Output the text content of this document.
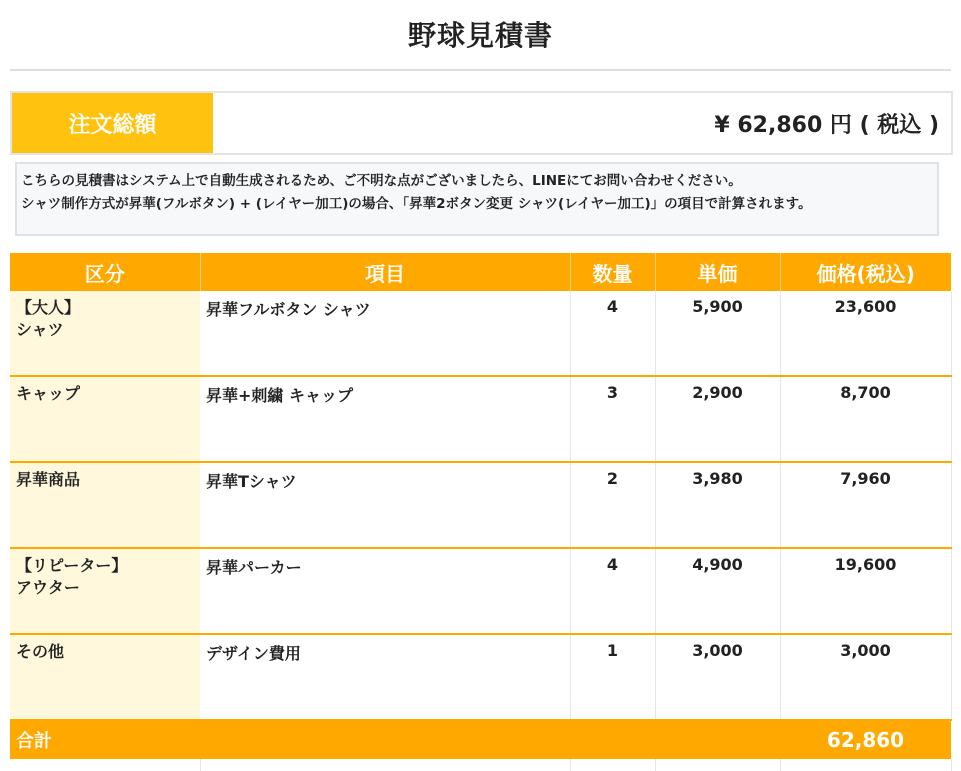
野球見積書
注文総額	¥ 62,860 円 ( 税込 )
こちらの見積書はシステム上で自動生成されるため、ご不明な点がございましたら、LINEにてお問い合わせください。
シャツ制作方式が昇華(フルボタン) + (レイヤー加工)の場合、「昇華2ボタン変更 シャツ(レイヤー加工)」の項目で計算されます。
区分	項目	数量	単価	価格(税込)
【大人】
シャツ	昇華フルボタン シャツ	4	5,900	23,600
キャップ	昇華+刺繍 キャップ	3	2,900	8,700
昇華商品	昇華Tシャツ	2	3,980	7,960
【リピーター】
アウター	昇華パーカー	4	4,900	19,600
その他	デザイン費用	1	3,000	3,000
合計				62,860
